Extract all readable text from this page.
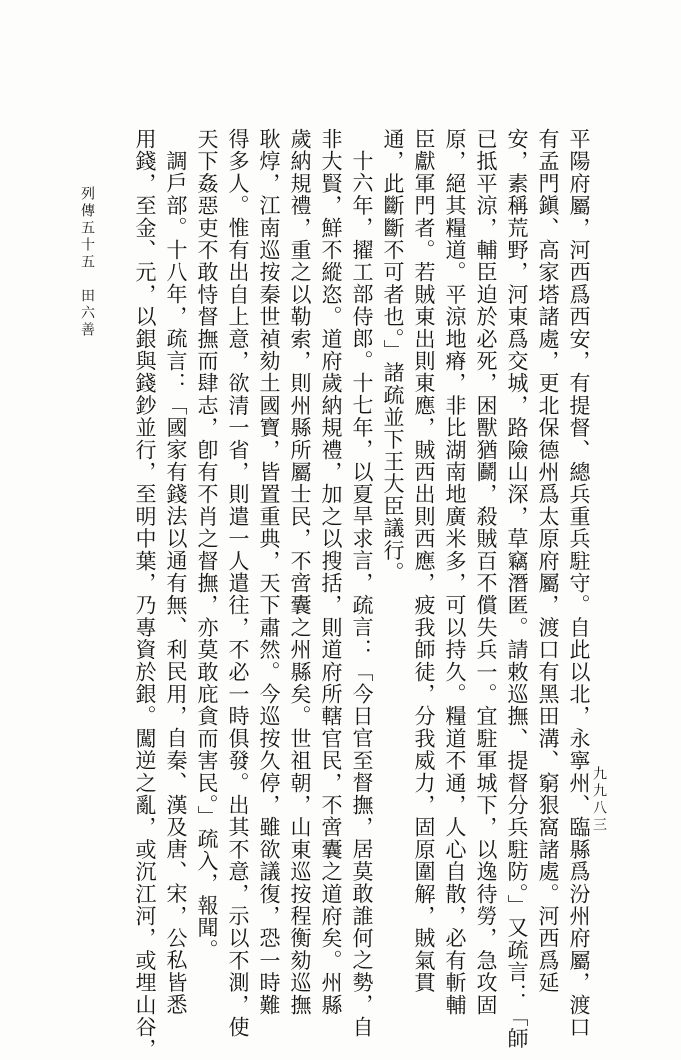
列傳五十五　田六善	平陽府屬，河西爲西安，有提督、總兵重兵駐守。自此以北，永寧州、臨縣爲汾州府屬，渡口
有孟門鎭、高家塔諸處，更北保德州爲太原府屬，渡口有黑田溝、窮狠窩諸處。河西爲延
安，素稱荒野，河東爲交城，路險山深，草竊潛匿。請敕巡撫、提督分兵駐防。」又疏言：「師
已抵平涼，輔臣迫於必死，困獸猶鬬，殺賊百不償失兵一。宜駐軍城下，以逸待勞，急攻固
原，絕其糧道。平涼地瘠，非比湖南地廣米多，可以持久。糧道不通，人心自散，必有斬輔
臣獻軍門者。若賊東出則東應，賊西出則西應，疲我師徒，分我威力，固原圍解，賊氣貫
通，此斷斷不可者也。」諸疏並下王大臣議行。
十六年，擢工部侍郎。十七年，以夏旱求言，疏言：「今日官至督撫，居莫敢誰何之勢，自
非大賢，鮮不縱恣。道府歲納規禮，加之以搜括，則道府所轄官民，不啻囊之道府矣。州縣
歲納規禮，重之以勒索，則州縣所屬士民，不啻囊之州縣矣。世祖朝，山東巡按程衡劾巡撫
耿焞，江南巡按秦世禎劾土國寶，皆置重典，天下肅然。今巡按久停，雖欲議復，恐一時難
得多人。惟有出自上意，欲清一省，則遣一人遣往，不必一時俱發。出其不意，示以不測，使
天下姦惡吏不敢恃督撫而肆志，卽有不肖之督撫，亦莫敢庇貪而害民。」疏入，報聞。
調戶部。十八年，疏言：「國家有錢法以通有無、利民用，自秦、漢及唐、宋，公私皆悉
用錢，至金、元，以銀與錢鈔並行，至明中葉，乃專資於銀。闖逆之亂，或沉江河，或埋山谷，	九九八三
